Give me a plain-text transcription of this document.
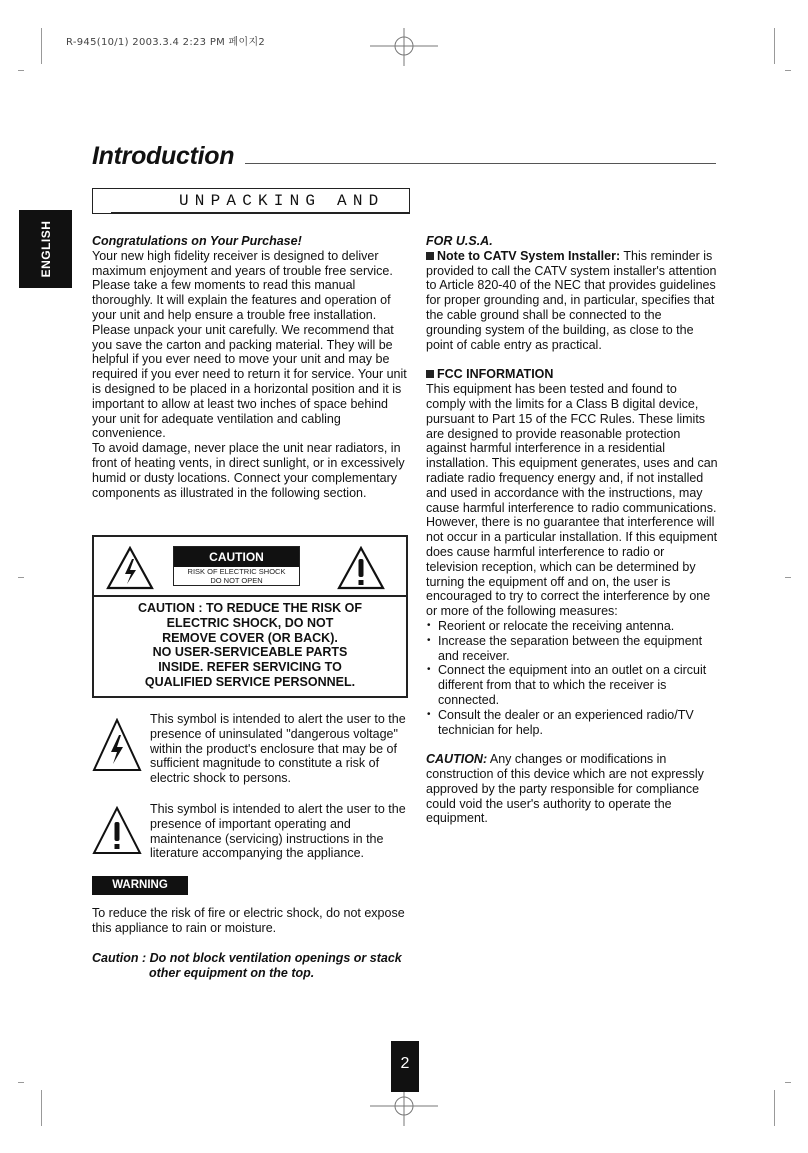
R-945(10/1) 2003.3.4 2:23 PM 페이지2
Introduction
UNPACKING AND
ENGLISH	Congratulations on Your Purchase!

Your new high fidelity receiver is designed to deliver maximum enjoyment and years of trouble free service. Please take a few moments to read this manual thoroughly. It will explain the features and operation of your unit and help ensure a trouble free installation. Please unpack your unit carefully. We recommend that you save the carton and packing material. They will be helpful if you ever need to move your unit and may be required if you ever need to return it for service. Your unit is designed to be placed in a horizontal position and it is important to allow at least two inches of space behind your unit for adequate ventilation and cabling convenience.

To avoid damage, never place the unit near radiators, in front of heating vents, in direct sunlight, or in excessively humid or dusty locations. Connect your complementary components as illustrated in the following section.

CAUTION
RISK OF ELECTRIC SHOCK
DO NOT OPEN
CAUTION : TO REDUCE THE RISK OF
ELECTRIC SHOCK, DO NOT
REMOVE COVER (OR BACK).
NO USER-SERVICEABLE PARTS
INSIDE. REFER SERVICING TO
QUALIFIED SERVICE PERSONNEL.

This symbol is intended to alert the user to the presence of uninsulated "dangerous voltage" within the product's enclosure that may be of sufficient magnitude to constitute a risk of electric shock to persons.

This symbol is intended to alert the user to the presence of important operating and maintenance (servicing) instructions in the literature accompanying the appliance.

WARNING

To reduce the risk of fire or electric shock, do not expose this appliance to rain or moisture.

Caution : Do not block ventilation openings or stack
other equipment on the top.

FOR U.S.A.

Note to CATV System Installer: This reminder is provided to call the CATV system installer's attention to Article 820-40 of the NEC that provides guidelines for proper grounding and, in particular, specifies that the cable ground shall be connected to the grounding system of the building, as close to the point of cable entry as practical.

FCC INFORMATION

This equipment has been tested and found to comply with the limits for a Class B digital device, pursuant to Part 15 of the FCC Rules. These limits are designed to provide reasonable protection against harmful interference in a residential installation. This equipment generates, uses and can radiate radio frequency energy and, if not installed and used in accordance with the instructions, may cause harmful interference to radio communications. However, there is no guarantee that interference will not occur in a particular installation. If this equipment does cause harmful interference to radio or television reception, which can be determined by turning the equipment off and on, the user is encouraged to try to correct the interference by one or more of the following measures:

• Reorient or relocate the receiving antenna.
• Increase the separation between the equipment and receiver.
• Connect the equipment into an outlet on a circuit different from that to which the receiver is connected.
• Consult the dealer or an experienced radio/TV technician for help.

CAUTION: Any changes or modifications in construction of this device which are not expressly approved by the party responsible for compliance could void the user's authority to operate the equipment.

2
